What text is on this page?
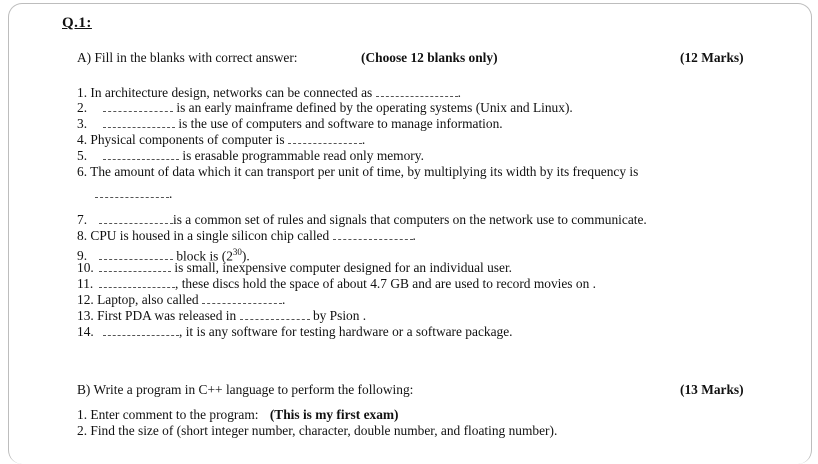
Q.1:
A) Fill in the blanks with correct answer:	(Choose 12 blanks only)	(12 Marks)
1. In architecture design, networks can be connected as	.
2.	is an early mainframe defined by the operating systems (Unix and Linux).
3.	is the use of computers and software to manage information.
4. Physical components of computer is	.
5.	is erasable programmable read only memory.
6. The amount of data which it can transport per unit of time, by multiplying its width by its frequency is
.
7.	is a common set of rules and signals that computers on the network use to communicate.
8. CPU is housed in a single silicon chip called	.
9.	block is $(2^{30})$.
10.	is small, inexpensive computer designed for an individual user.
11.	, these discs hold the space of about 4.7 GB and are used to record movies on .
12. Laptop, also called	.
13. First PDA was released in	by Psion .
14.	, it is any software for testing hardware or a software package.
B) Write a program in C++ language to perform the following:	(13 Marks)
1. Enter comment to the program: (This is my first exam)
2. Find the size of (short integer number, character, double number, and floating number).
